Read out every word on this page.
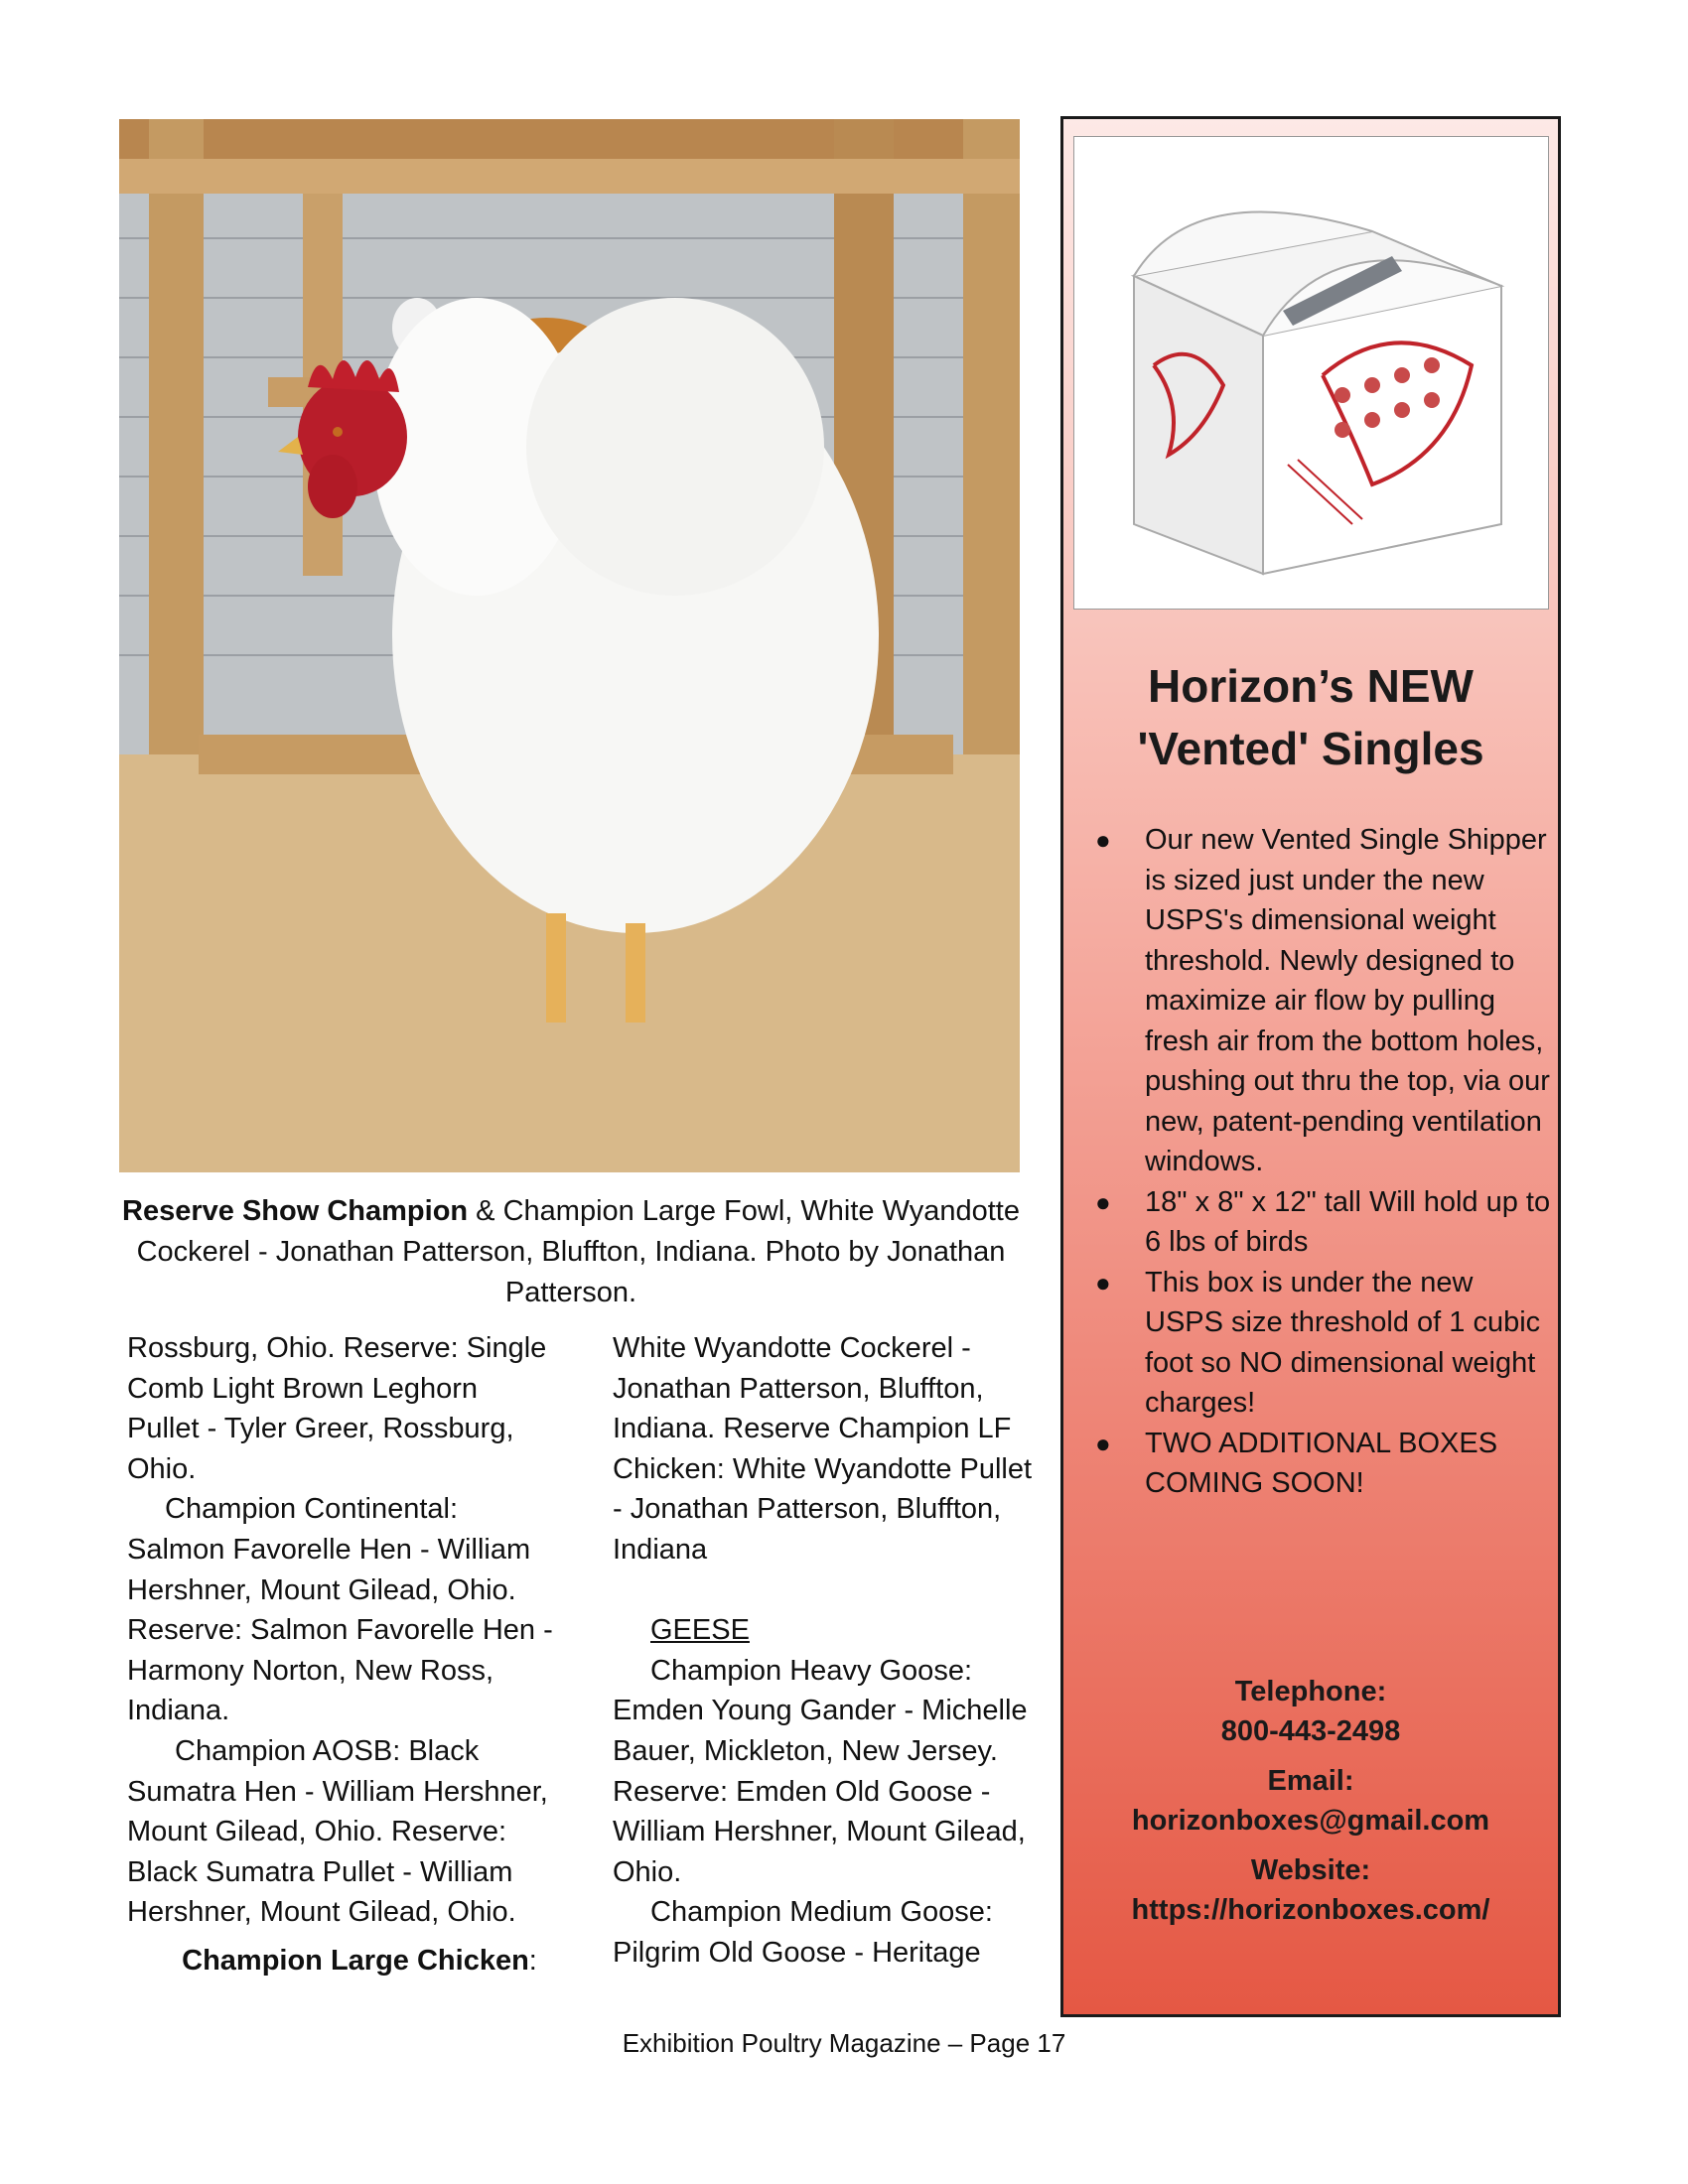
Reserve Show Champion & Champion Large Fowl, White Wyandotte Cockerel - Jonathan Patterson, Bluffton, Indiana. Photo by Jonathan Patterson.

Rossburg, Ohio. Reserve: Single Comb Light Brown Leghorn Pullet - Tyler Greer, Rossburg, Ohio.

Champion Continental: Salmon Favorelle Hen - William Hershner, Mount Gilead, Ohio. Reserve: Salmon Favorelle Hen - Harmony Norton, New Ross, Indiana.

Champion AOSB: Black Sumatra Hen - William Hershner, Mount Gilead, Ohio. Reserve: Black Sumatra Pullet - William Hershner, Mount Gilead, Ohio.

Champion Large Chicken:

White Wyandotte Cockerel - Jonathan Patterson, Bluffton, Indiana. Reserve Champion LF Chicken: White Wyandotte Pullet - Jonathan Patterson, Bluffton, Indiana

GEESE

Champion Heavy Goose: Emden Young Gander - Michelle Bauer, Mickleton, New Jersey. Reserve: Emden Old Goose - William Hershner, Mount Gilead, Ohio.

Champion Medium Goose: Pilgrim Old Goose - Heritage

Horizon’s NEW
'Vented' Singles
● Our new Vented Single Shipper is sized just under the new USPS's dimensional weight threshold. Newly designed to maximize air flow by pulling fresh air from the bottom holes, pushing out thru the top, via our new, patent-pending ventilation windows.
● 18" x 8" x 12" tall Will hold up to 6 lbs of birds
● This box is under the new USPS size threshold of 1 cubic foot so NO dimensional weight charges!
● TWO ADDITIONAL BOXES COMING SOON!
Telephone:
800-443-2498
Email:
horizonboxes@gmail.com
Website:
https://horizonboxes.com/
Exhibition Poultry Magazine – Page 17
